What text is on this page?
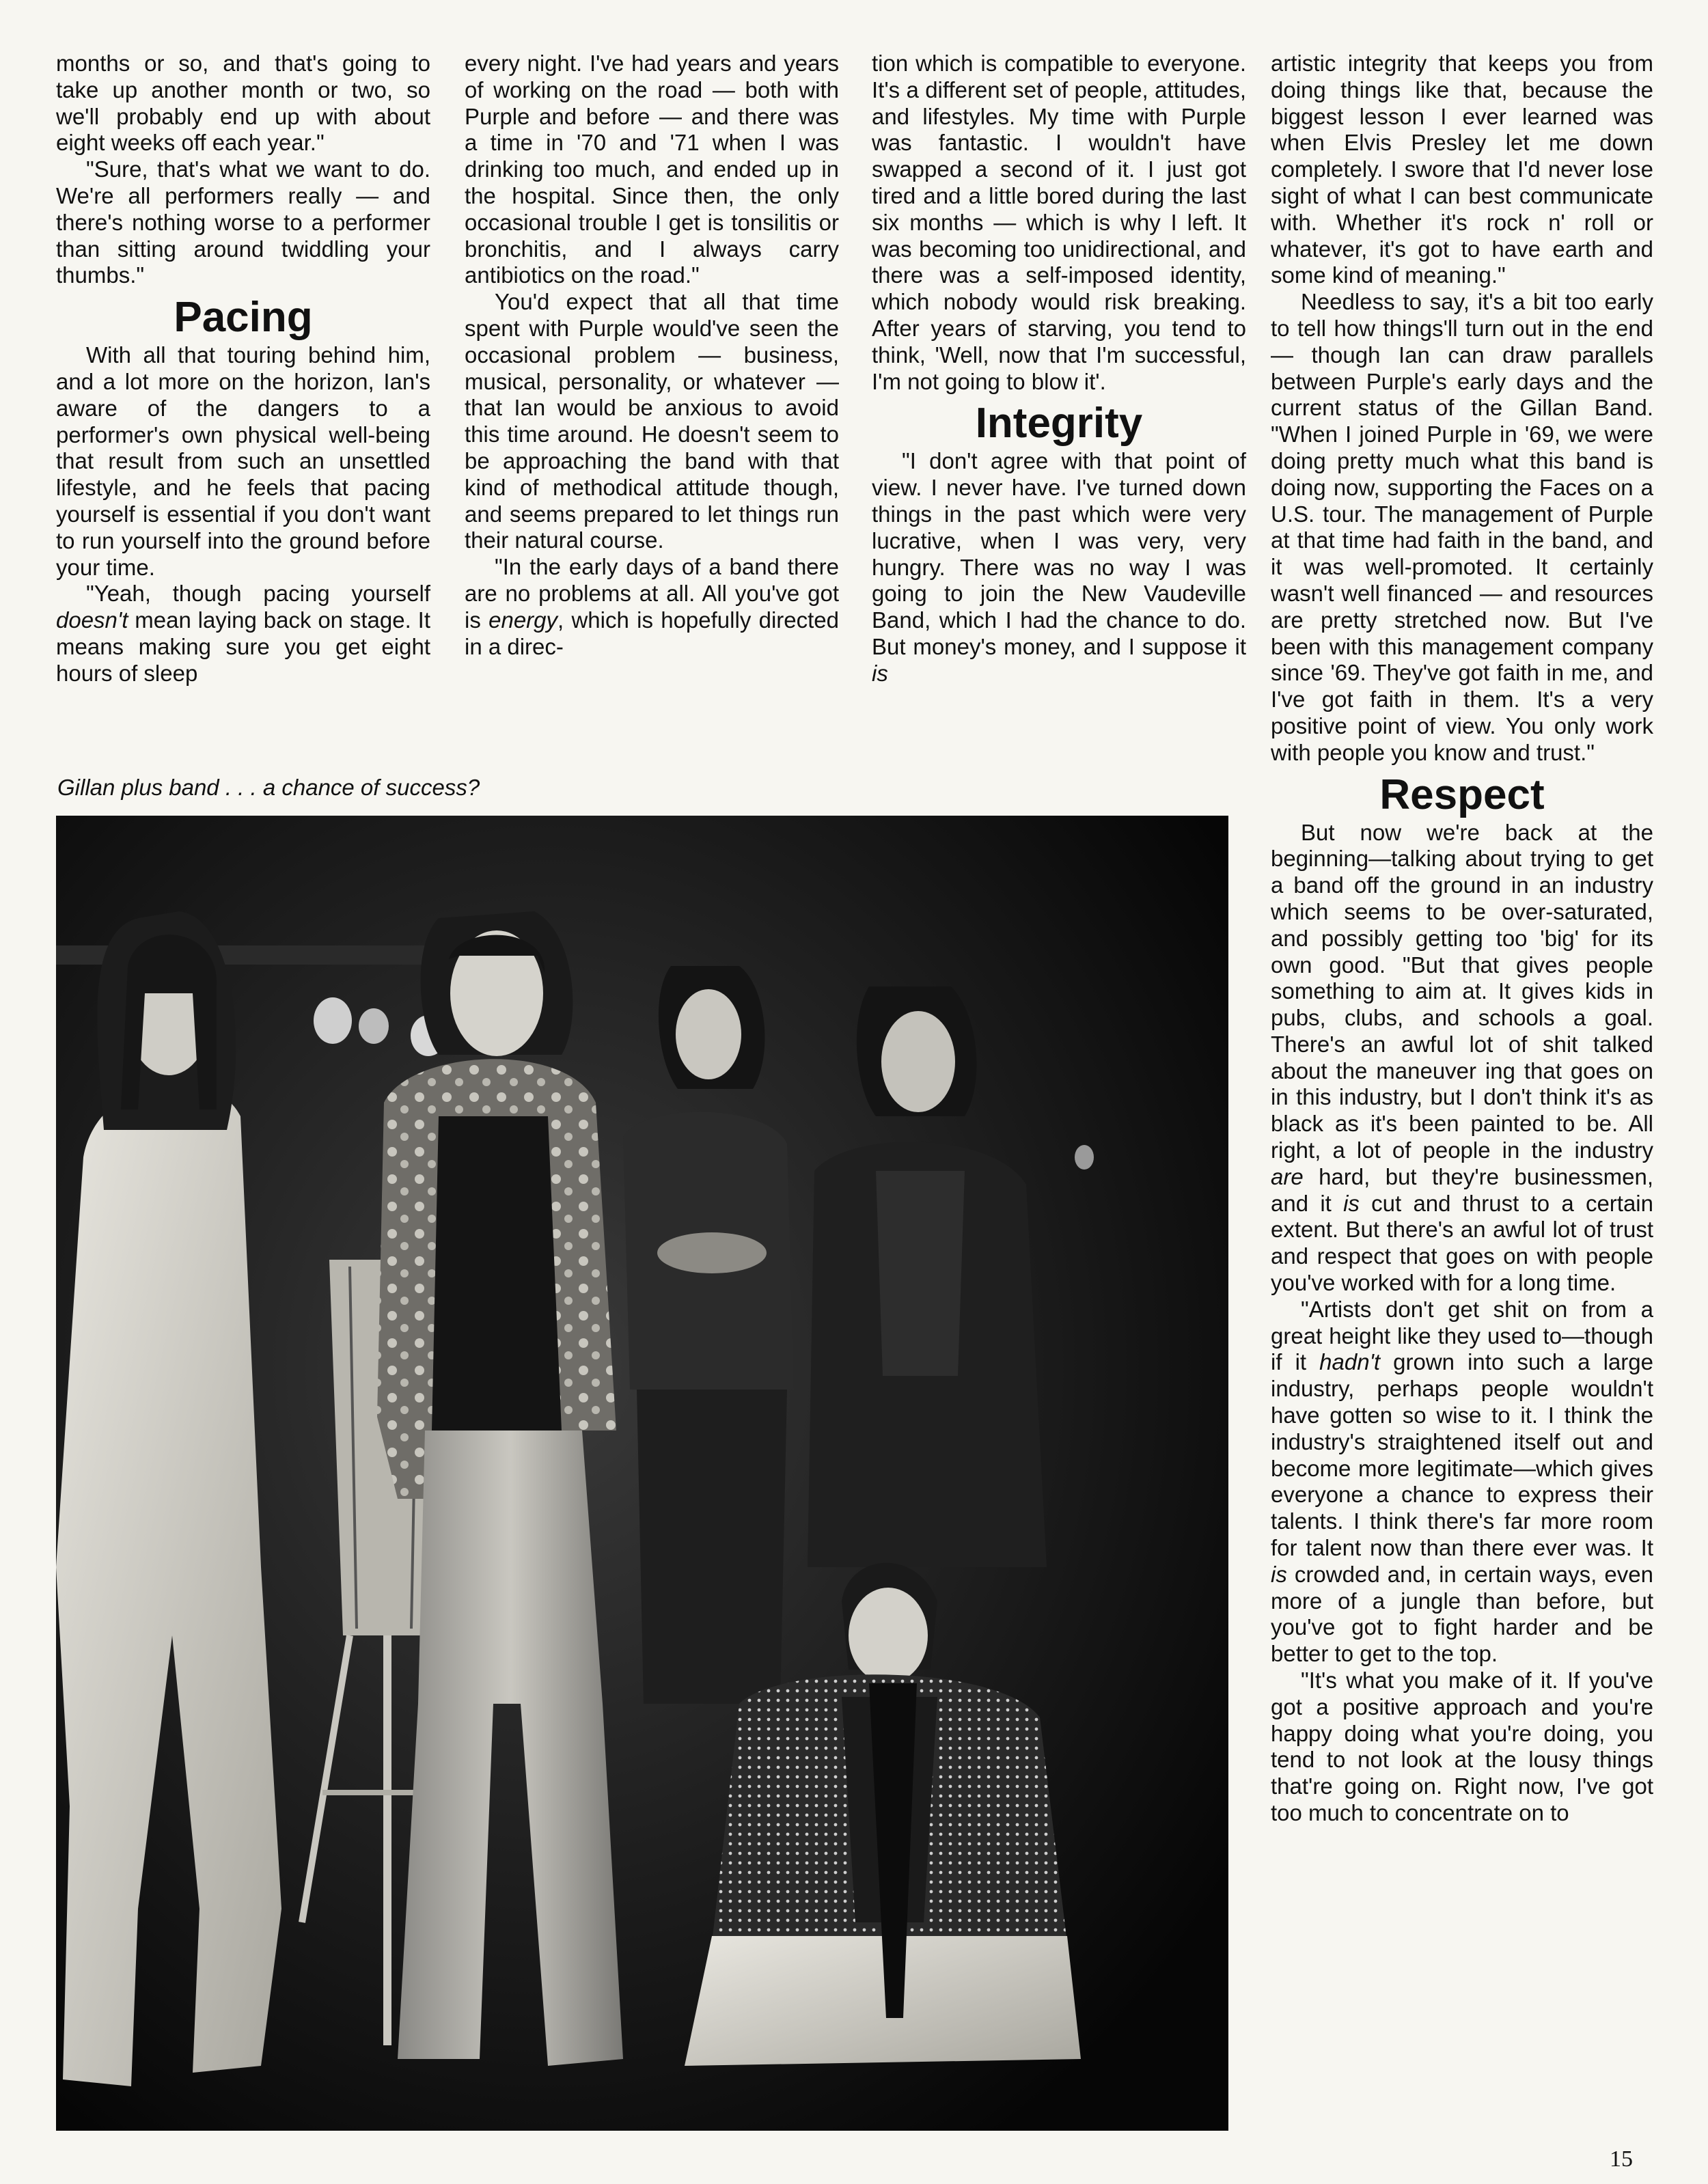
months or so, and that's going to take up another month or two, so we'll probably end up with about eight weeks off each year."

"Sure, that's what we want to do. We're all performers really — and there's nothing worse to a performer than sitting around twiddling your thumbs."

Pacing

With all that touring behind him, and a lot more on the horizon, Ian's aware of the dangers to a performer's own physical well-being that result from such an unsettled lifestyle, and he feels that pacing yourself is essential if you don't want to run yourself into the ground before your time.

"Yeah, though pacing yourself doesn't mean laying back on stage. It means making sure you get eight hours of sleep

every night. I've had years and years of working on the road — both with Purple and before — and there was a time in '70 and '71 when I was drinking too much, and ended up in the hospital. Since then, the only occasional trouble I get is tonsilitis or bronchitis, and I always carry antibiotics on the road."

You'd expect that all that time spent with Purple would've seen the occasional problem — business, musical, personality, or whatever — that Ian would be anxious to avoid this time around. He doesn't seem to be approaching the band with that kind of methodical attitude though, and seems prepared to let things run their natural course.

"In the early days of a band there are no problems at all. All you've got is energy, which is hopefully directed in a direc-

tion which is compatible to everyone. It's a different set of people, attitudes, and lifestyles. My time with Purple was fantastic. I wouldn't have swapped a second of it. I just got tired and a little bored during the last six months — which is why I left. It was becoming too unidirectional, and there was a self-imposed identity, which nobody would risk breaking. After years of starving, you tend to think, 'Well, now that I'm successful, I'm not going to blow it'.

Integrity

"I don't agree with that point of view. I never have. I've turned down things in the past which were very lucrative, when I was very, very hungry. There was no way I was going to join the New Vaudeville Band, which I had the chance to do. But money's money, and I suppose it is

artistic integrity that keeps you from doing things like that, because the biggest lesson I ever learned was when Elvis Presley let me down completely. I swore that I'd never lose sight of what I can best communicate with. Whether it's rock n' roll or whatever, it's got to have earth and some kind of meaning."

Needless to say, it's a bit too early to tell how things'll turn out in the end — though Ian can draw parallels between Purple's early days and the current status of the Gillan Band. "When I joined Purple in '69, we were doing pretty much what this band is doing now, supporting the Faces on a U.S. tour. The management of Purple at that time had faith in the band, and it was well-promoted. It certainly wasn't well financed — and resources are pretty stretched now. But I've been with this management company since '69. They've got faith in me, and I've got faith in them. It's a very positive point of view. You only work with people you know and trust."

Respect

But now we're back at the beginning—talking about trying to get a band off the ground in an industry which seems to be over-saturated, and possibly getting too 'big' for its own good. "But that gives people something to aim at. It gives kids in pubs, clubs, and schools a goal. There's an awful lot of shit talked about the maneuver ing that goes on in this industry, but I don't think it's as black as it's been painted to be. All right, a lot of people in the industry are hard, but they're businessmen, and it is cut and thrust to a certain extent. But there's an awful lot of trust and respect that goes on with people you've worked with for a long time.

"Artists don't get shit on from a great height like they used to—though if it hadn't grown into such a large industry, perhaps people wouldn't have gotten so wise to it. I think the industry's straightened itself out and become more legitimate—which gives everyone a chance to express their talents. I think there's far more room for talent now than there ever was. It is crowded and, in certain ways, even more of a jungle than before, but you've got to fight harder and be better to get to the top.

"It's what you make of it. If you've got a positive approach and you're happy doing what you're doing, you tend to not look at the lousy things that're going on. Right now, I've got too much to concentrate on to

Gillan plus band . . . a chance of success?
15
